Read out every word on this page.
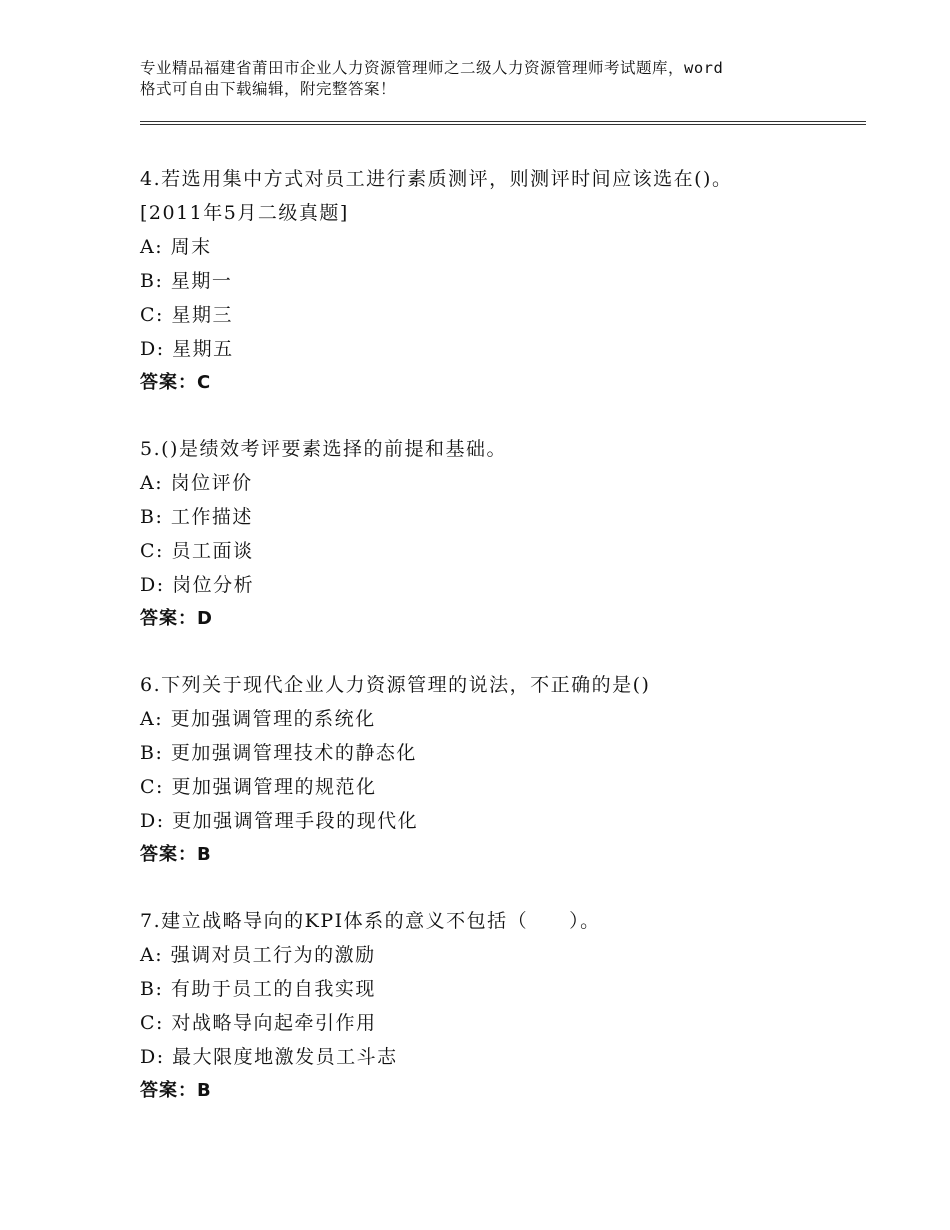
专业精品福建省莆田市企业人力资源管理师之二级人力资源管理师考试题库，word
格式可自由下载编辑，附完整答案！
4.若选用集中方式对员工进行素质测评，则测评时间应该选在()。
[2011年5月二级真题]
A: 周末
B: 星期一
C: 星期三
D: 星期五
答案：C
5.()是绩效考评要素选择的前提和基础。
A: 岗位评价
B: 工作描述
C: 员工面谈
D: 岗位分析
答案：D
6.下列关于现代企业人力资源管理的说法，不正确的是()
A: 更加强调管理的系统化
B: 更加强调管理技术的静态化
C: 更加强调管理的规范化
D: 更加强调管理手段的现代化
答案：B
7.建立战略导向的KPI体系的意义不包括（　　）。
A: 强调对员工行为的激励
B: 有助于员工的自我实现
C: 对战略导向起牵引作用
D: 最大限度地激发员工斗志
答案：B
